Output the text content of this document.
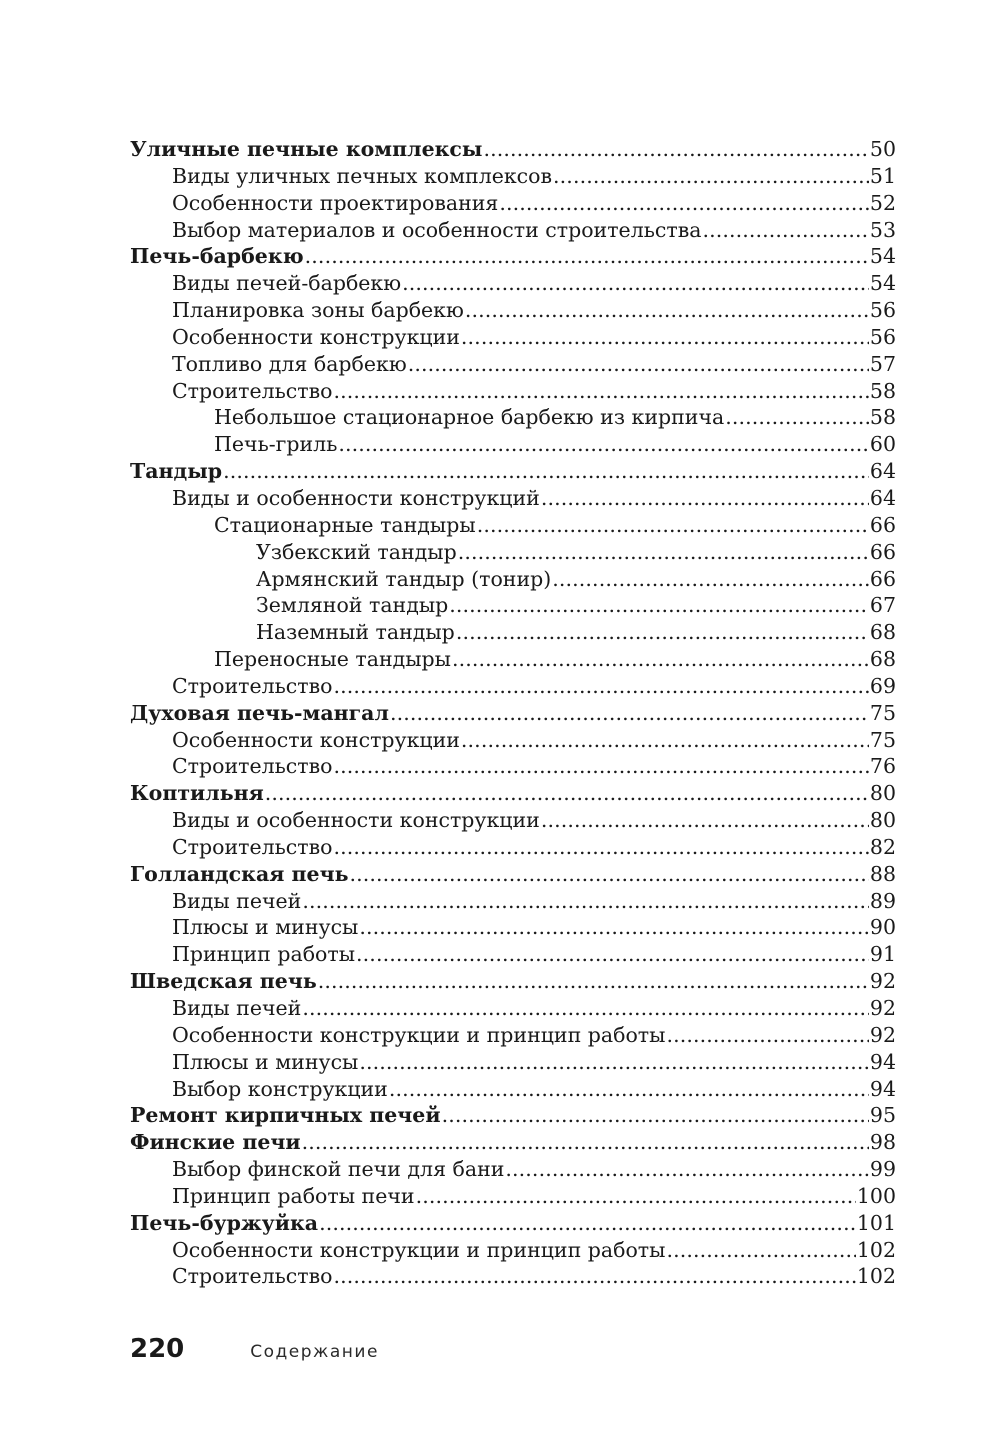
Уличные печные комплексы . . .	50
Виды уличных печных комплексов . . .	51
Особенности проектирования . . .	52
Выбор материалов и особенности строительства . . .	53
Печь-барбекю . . .	54
Виды печей-барбекю . . .	54
Планировка зоны барбекю . . .	56
Особенности конструкции . . .	56
Топливо для барбекю . . .	57
Строительство . . .	58
Небольшое стационарное барбекю из кирпича . . .	58
Печь-гриль . . .	60
Тандыр . . .	64
Виды и особенности конструкций . . .	64
Стационарные тандыры . . .	66
Узбекский тандыр . . .	66
Армянский тандыр (тонир) . . .	66
Земляной тандыр . . .	67
Наземный тандыр . . .	68
Переносные тандыры . . .	68
Строительство . . .	69
Духовая печь-мангал . . .	75
Особенности конструкции . . .	75
Строительство . . .	76
Коптильня . . .	80
Виды и особенности конструкции . . .	80
Строительство . . .	82
Голландская печь . . .	88
Виды печей . . .	89
Плюсы и минусы . . .	90
Принцип работы . . .	91
Шведская печь . . .	92
Виды печей . . .	92
Особенности конструкции и принцип работы . . .	92
Плюсы и минусы . . .	94
Выбор конструкции . . .	94
Ремонт кирпичных печей . . .	95
Финские печи . . .	98
Выбор финской печи для бани . . .	99
Принцип работы печи . . .	100
Печь-буржуйка . . .	101
Особенности конструкции и принцип работы . . .	102
Строительство . . .	102
220	Содержание
